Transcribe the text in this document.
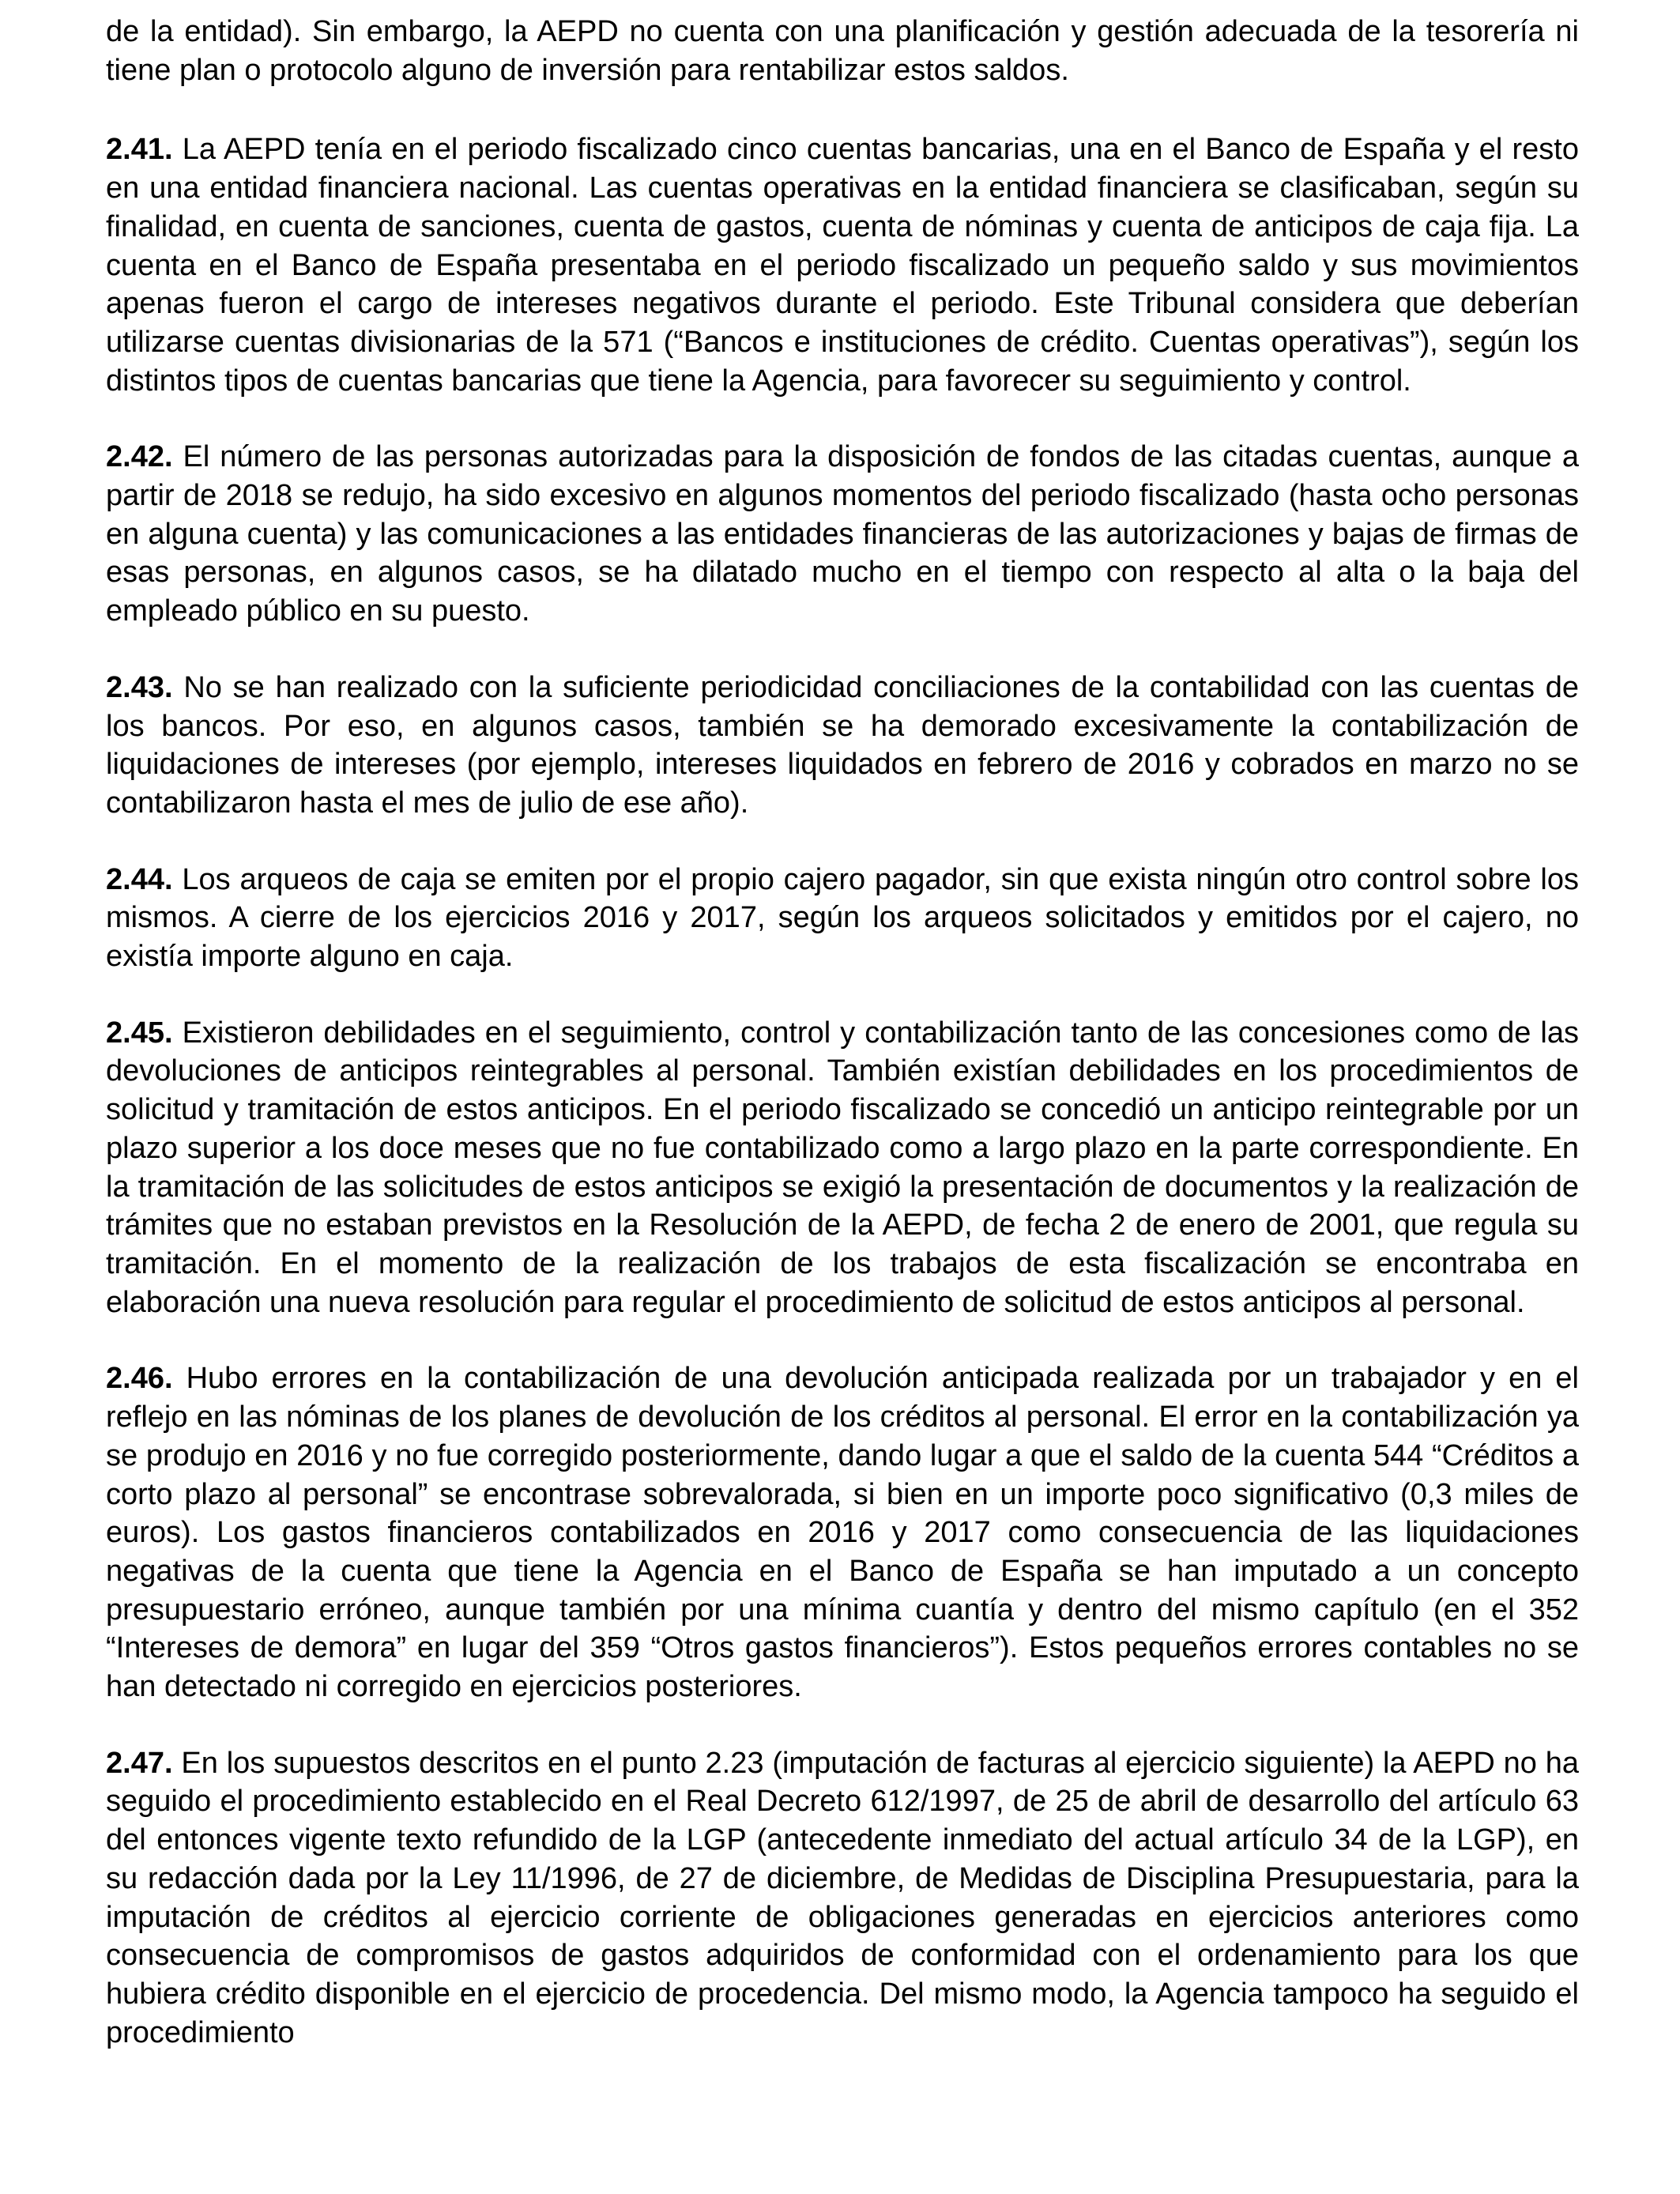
de la entidad). Sin embargo, la AEPD no cuenta con una planificación y gestión adecuada de la tesorería ni tiene plan o protocolo alguno de inversión para rentabilizar estos saldos.

2.41. La AEPD tenía en el periodo fiscalizado cinco cuentas bancarias, una en el Banco de España y el resto en una entidad financiera nacional. Las cuentas operativas en la entidad financiera se clasificaban, según su finalidad, en cuenta de sanciones, cuenta de gastos, cuenta de nóminas y cuenta de anticipos de caja fija. La cuenta en el Banco de España presentaba en el periodo fiscalizado un pequeño saldo y sus movimientos apenas fueron el cargo de intereses negativos durante el periodo. Este Tribunal considera que deberían utilizarse cuentas divisionarias de la 571 (“Bancos e instituciones de crédito. Cuentas operativas”), según los distintos tipos de cuentas bancarias que tiene la Agencia, para favorecer su seguimiento y control.

2.42. El número de las personas autorizadas para la disposición de fondos de las citadas cuentas, aunque a partir de 2018 se redujo, ha sido excesivo en algunos momentos del periodo fiscalizado (hasta ocho personas en alguna cuenta) y las comunicaciones a las entidades financieras de las autorizaciones y bajas de firmas de esas personas, en algunos casos, se ha dilatado mucho en el tiempo con respecto al alta o la baja del empleado público en su puesto.

2.43. No se han realizado con la suficiente periodicidad conciliaciones de la contabilidad con las cuentas de los bancos. Por eso, en algunos casos, también se ha demorado excesivamente la contabilización de liquidaciones de intereses (por ejemplo, intereses liquidados en febrero de 2016 y cobrados en marzo no se contabilizaron hasta el mes de julio de ese año).

2.44. Los arqueos de caja se emiten por el propio cajero pagador, sin que exista ningún otro control sobre los mismos. A cierre de los ejercicios 2016 y 2017, según los arqueos solicitados y emitidos por el cajero, no existía importe alguno en caja.

2.45. Existieron debilidades en el seguimiento, control y contabilización tanto de las concesiones como de las devoluciones de anticipos reintegrables al personal. También existían debilidades en los procedimientos de solicitud y tramitación de estos anticipos. En el periodo fiscalizado se concedió un anticipo reintegrable por un plazo superior a los doce meses que no fue contabilizado como a largo plazo en la parte correspondiente. En la tramitación de las solicitudes de estos anticipos se exigió la presentación de documentos y la realización de trámites que no estaban previstos en la Resolución de la AEPD, de fecha 2 de enero de 2001, que regula su tramitación. En el momento de la realización de los trabajos de esta fiscalización se encontraba en elaboración una nueva resolución para regular el procedimiento de solicitud de estos anticipos al personal.

2.46. Hubo errores en la contabilización de una devolución anticipada realizada por un trabajador y en el reflejo en las nóminas de los planes de devolución de los créditos al personal. El error en la contabilización ya se produjo en 2016 y no fue corregido posteriormente, dando lugar a que el saldo de la cuenta 544 “Créditos a corto plazo al personal” se encontrase sobrevalorada, si bien en un importe poco significativo (0,3 miles de euros). Los gastos financieros contabilizados en 2016 y 2017 como consecuencia de las liquidaciones negativas de la cuenta que tiene la Agencia en el Banco de España se han imputado a un concepto presupuestario erróneo, aunque también por una mínima cuantía y dentro del mismo capítulo (en el 352 “Intereses de demora” en lugar del 359 “Otros gastos financieros”). Estos pequeños errores contables no se han detectado ni corregido en ejercicios posteriores.

2.47. En los supuestos descritos en el punto 2.23 (imputación de facturas al ejercicio siguiente) la AEPD no ha seguido el procedimiento establecido en el Real Decreto 612/1997, de 25 de abril de desarrollo del artículo 63 del entonces vigente texto refundido de la LGP (antecedente inmediato del actual artículo 34 de la LGP), en su redacción dada por la Ley 11/1996, de 27 de diciembre, de Medidas de Disciplina Presupuestaria, para la imputación de créditos al ejercicio corriente de obligaciones generadas en ejercicios anteriores como consecuencia de compromisos de gastos adquiridos de conformidad con el ordenamiento para los que hubiera crédito disponible en el ejercicio de procedencia. Del mismo modo, la Agencia tampoco ha seguido el procedimiento
